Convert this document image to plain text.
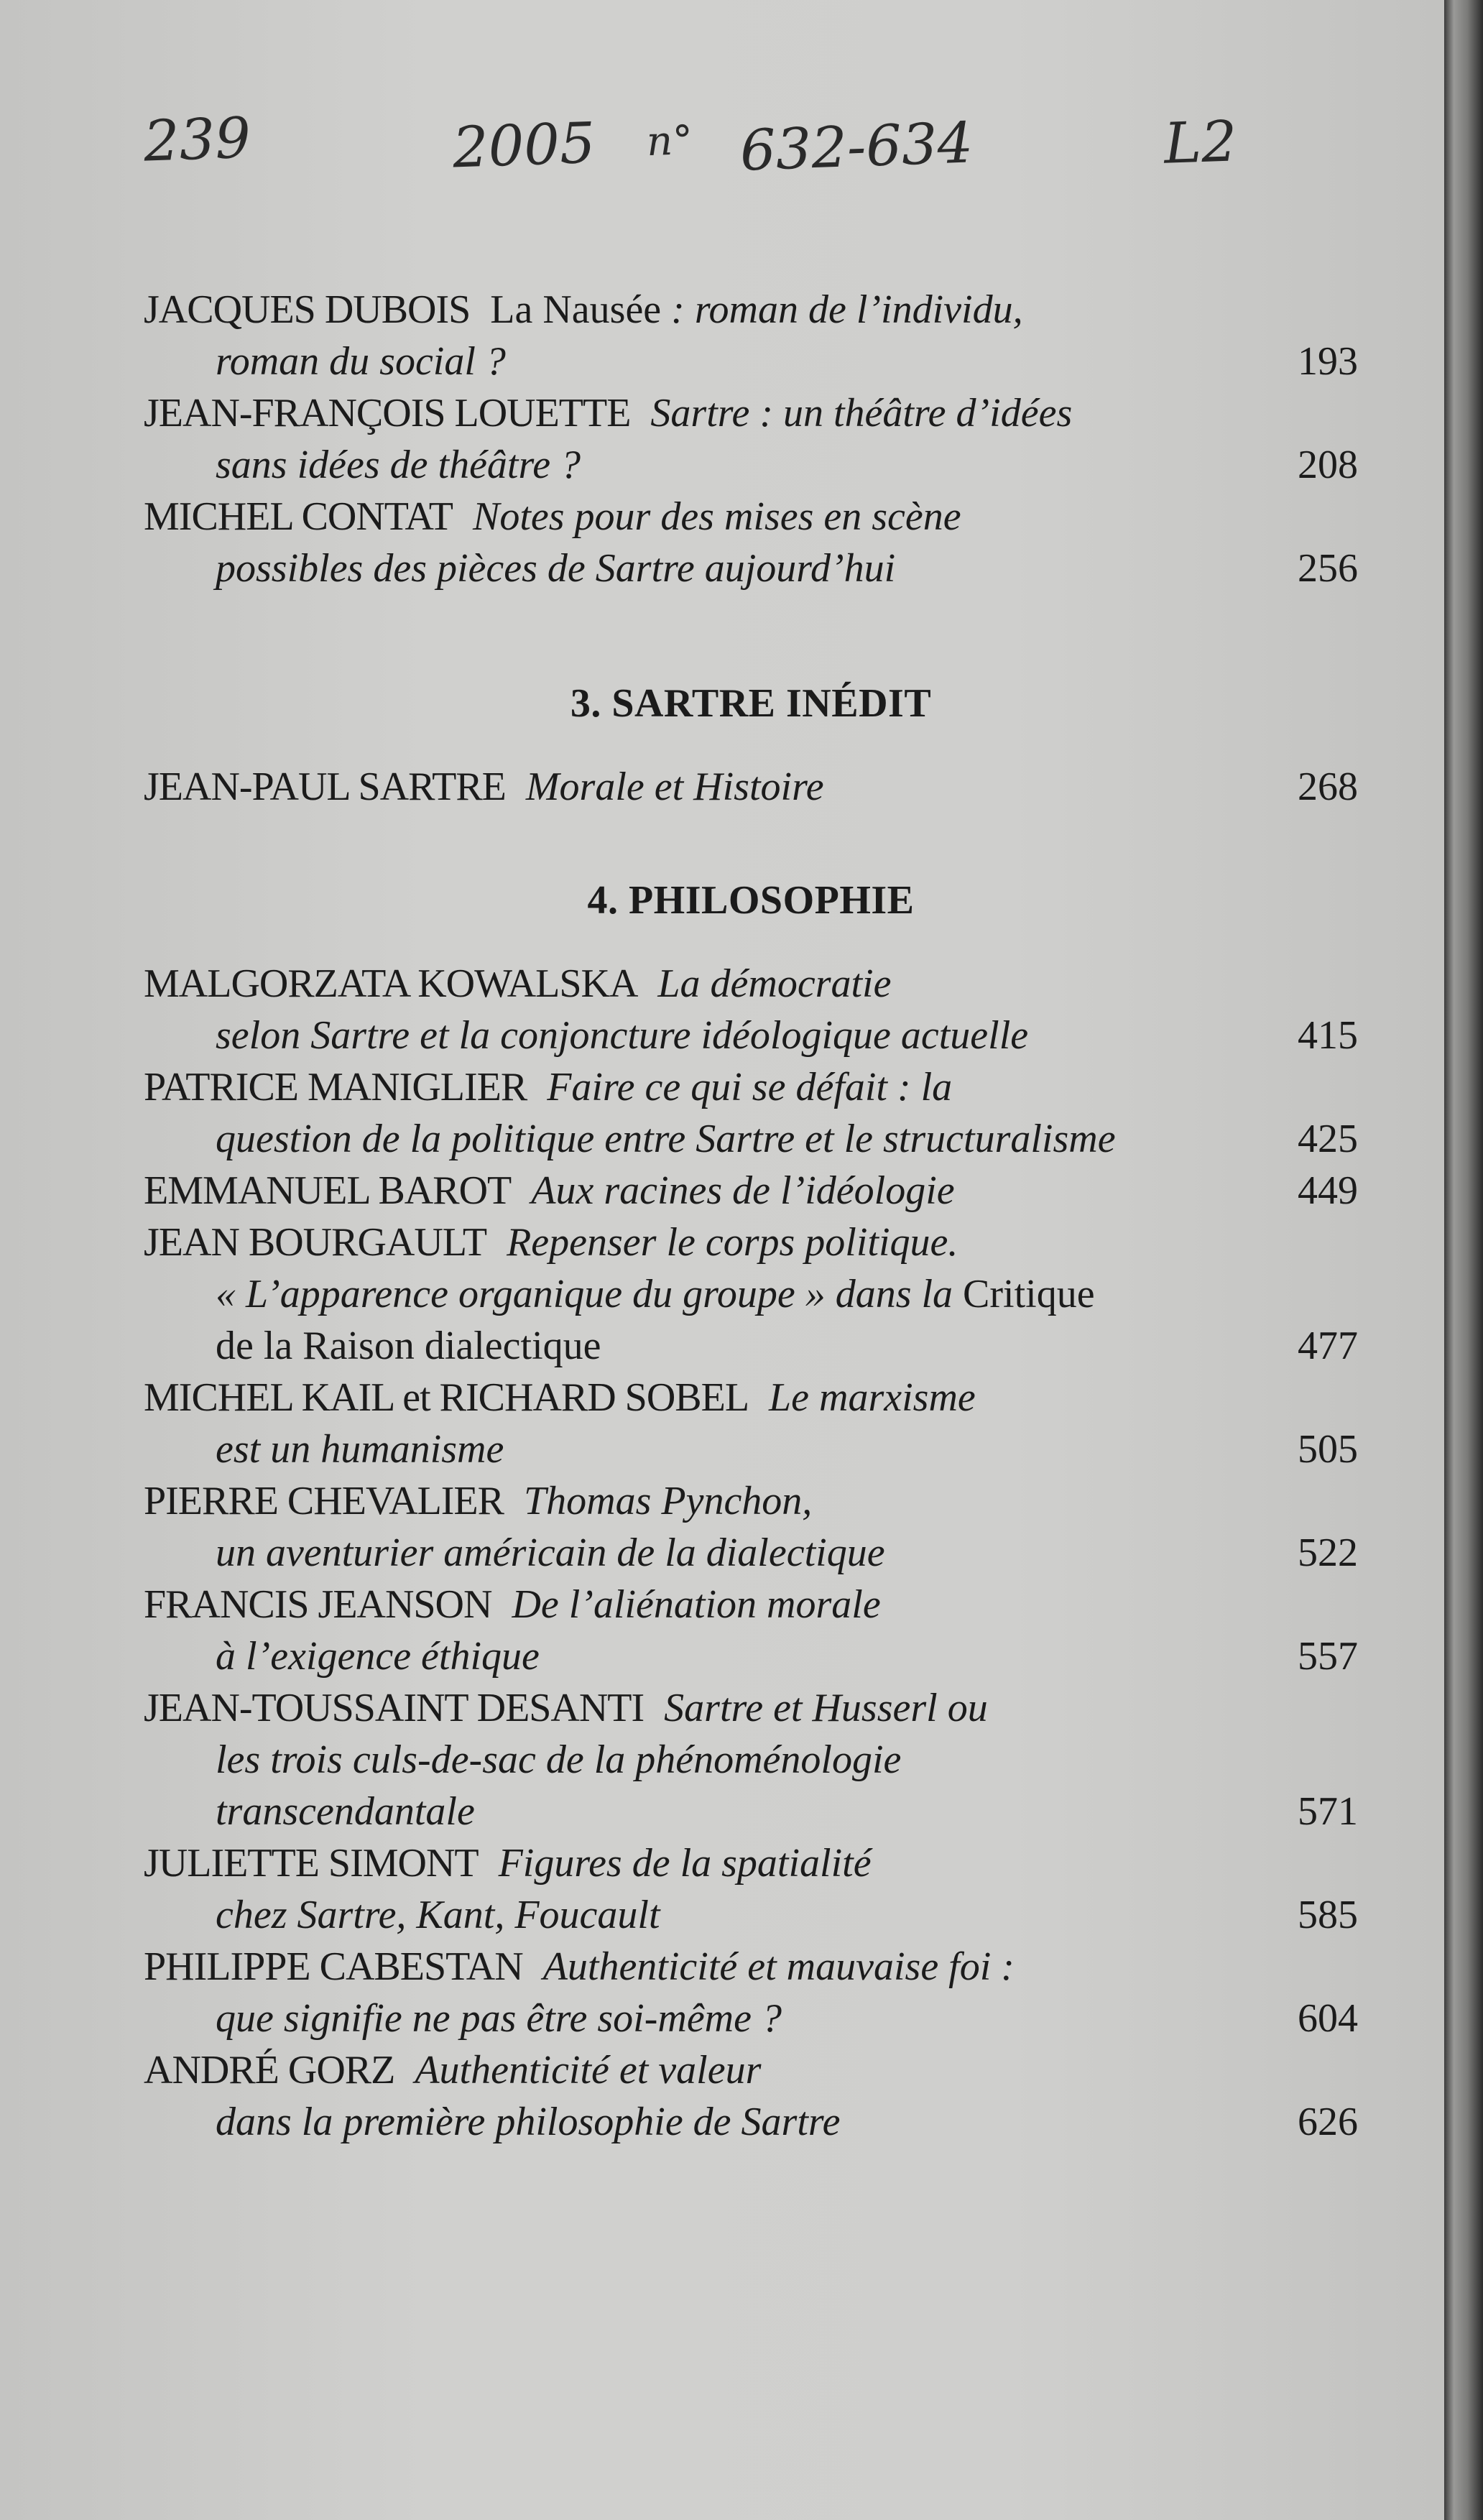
239	2005 n° 632-634	L2
JACQUES DUBOIS La Nausée : roman de l’individu,
roman du social ?	193
JEAN-FRANÇOIS LOUETTE Sartre : un théâtre d’idées
sans idées de théâtre ?	208
MICHEL CONTAT Notes pour des mises en scène
possibles des pièces de Sartre aujourd’hui	256
3. SARTRE INÉDIT
JEAN-PAUL SARTRE Morale et Histoire	268
4. PHILOSOPHIE
MALGORZATA KOWALSKA La démocratie
selon Sartre et la conjoncture idéologique actuelle	415
PATRICE MANIGLIER Faire ce qui se défait : la
question de la politique entre Sartre et le structuralisme	425
EMMANUEL BAROT Aux racines de l’idéologie	449
JEAN BOURGAULT Repenser le corps politique.
« L’apparence organique du groupe » dans la Critique
de la Raison dialectique	477
MICHEL KAIL et RICHARD SOBEL Le marxisme
est un humanisme	505
PIERRE CHEVALIER Thomas Pynchon,
un aventurier américain de la dialectique	522
FRANCIS JEANSON De l’aliénation morale
à l’exigence éthique	557
JEAN-TOUSSAINT DESANTI Sartre et Husserl ou
les trois culs-de-sac de la phénoménologie
transcendantale	571
JULIETTE SIMONT Figures de la spatialité
chez Sartre, Kant, Foucault	585
PHILIPPE CABESTAN Authenticité et mauvaise foi :
que signifie ne pas être soi-même ?	604
ANDRÉ GORZ Authenticité et valeur
dans la première philosophie de Sartre	626
